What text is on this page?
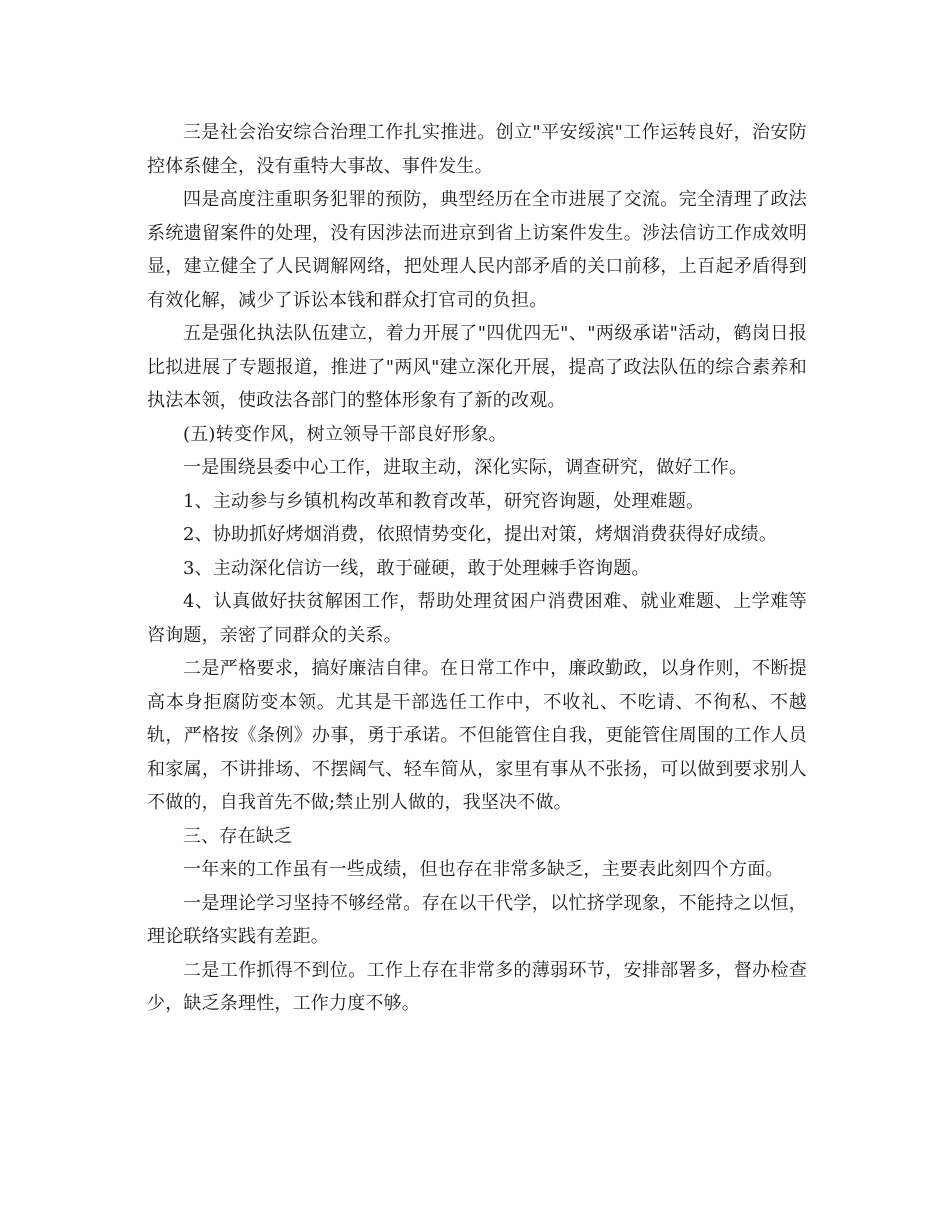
三是社会治安综合治理工作扎实推进。创立"平安绥滨"工作运转良好，治安防控体系健全，没有重特大事故、事件发生。

四是高度注重职务犯罪的预防，典型经历在全市进展了交流。完全清理了政法系统遗留案件的处理，没有因涉法而进京到省上访案件发生。涉法信访工作成效明显，建立健全了人民调解网络，把处理人民内部矛盾的关口前移，上百起矛盾得到有效化解，减少了诉讼本钱和群众打官司的负担。

五是强化执法队伍建立，着力开展了"四优四无"、"两级承诺"活动，鹤岗日报比拟进展了专题报道，推进了"两风"建立深化开展，提高了政法队伍的综合素养和执法本领，使政法各部门的整体形象有了新的改观。

(五)转变作风，树立领导干部良好形象。

一是围绕县委中心工作，进取主动，深化实际，调查研究，做好工作。

1、主动参与乡镇机构改革和教育改革，研究咨询题，处理难题。

2、协助抓好烤烟消费，依照情势变化，提出对策，烤烟消费获得好成绩。

3、主动深化信访一线，敢于碰硬，敢于处理棘手咨询题。

4、认真做好扶贫解困工作，帮助处理贫困户消费困难、就业难题、上学难等咨询题，亲密了同群众的关系。

二是严格要求，搞好廉洁自律。在日常工作中，廉政勤政，以身作则，不断提高本身拒腐防变本领。尤其是干部选任工作中，不收礼、不吃请、不徇私、不越轨，严格按《条例》办事，勇于承诺。不但能管住自我，更能管住周围的工作人员和家属，不讲排场、不摆阔气、轻车简从，家里有事从不张扬，可以做到要求别人不做的，自我首先不做;禁止别人做的，我坚决不做。

三、存在缺乏

一年来的工作虽有一些成绩，但也存在非常多缺乏，主要表此刻四个方面。

一是理论学习坚持不够经常。存在以干代学，以忙挤学现象，不能持之以恒，理论联络实践有差距。

二是工作抓得不到位。工作上存在非常多的薄弱环节，安排部署多，督办检查少，缺乏条理性，工作力度不够。
